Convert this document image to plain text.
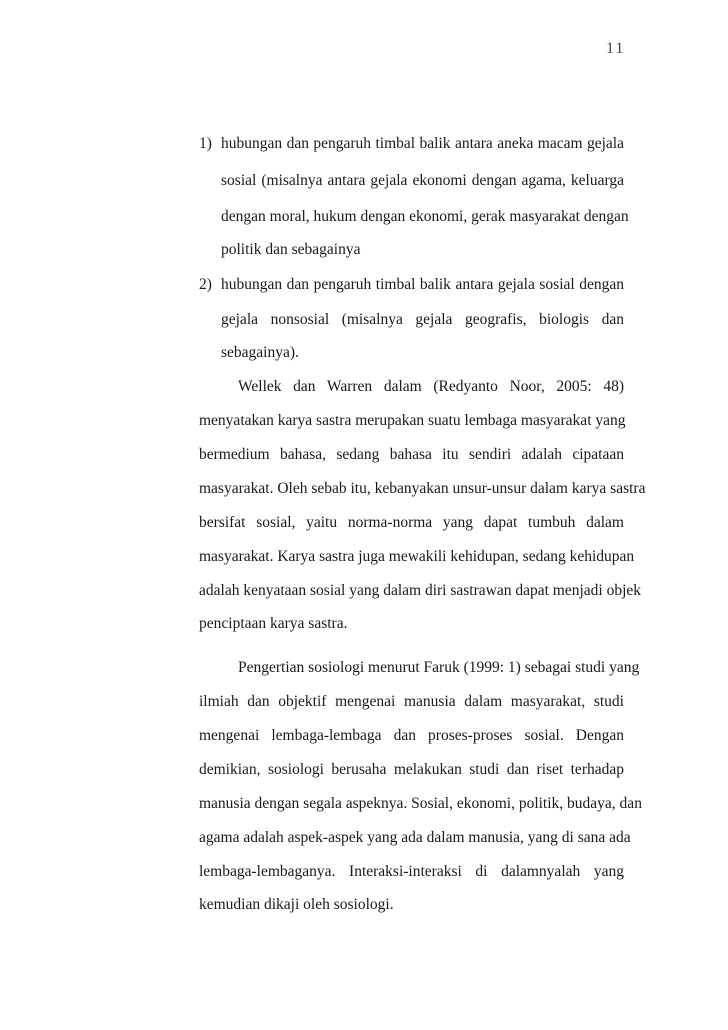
11
1) hubungan dan pengaruh timbal balik antara aneka macam gejala
sosial (misalnya antara gejala ekonomi dengan agama, keluarga
dengan moral, hukum dengan ekonomi, gerak masyarakat dengan
politik dan sebagainya
2) hubungan dan pengaruh timbal balik antara gejala sosial dengan
gejala nonsosial (misalnya gejala geografis, biologis dan
sebagainya).
Wellek dan Warren dalam (Redyanto Noor, 2005: 48)
menyatakan karya sastra merupakan suatu lembaga masyarakat yang
bermedium bahasa, sedang bahasa itu sendiri adalah cipataan
masyarakat. Oleh sebab itu, kebanyakan unsur-unsur dalam karya sastra
bersifat sosial, yaitu norma-norma yang dapat tumbuh dalam
masyarakat. Karya sastra juga mewakili kehidupan, sedang kehidupan
adalah kenyataan sosial yang dalam diri sastrawan dapat menjadi objek
penciptaan karya sastra.
Pengertian sosiologi menurut Faruk (1999: 1) sebagai studi yang
ilmiah dan objektif mengenai manusia dalam masyarakat, studi
mengenai lembaga-lembaga dan proses-proses sosial. Dengan
demikian, sosiologi berusaha melakukan studi dan riset terhadap
manusia dengan segala aspeknya. Sosial, ekonomi, politik, budaya, dan
agama adalah aspek-aspek yang ada dalam manusia, yang di sana ada
lembaga-lembaganya. Interaksi-interaksi di dalamnyalah yang
kemudian dikaji oleh sosiologi.
